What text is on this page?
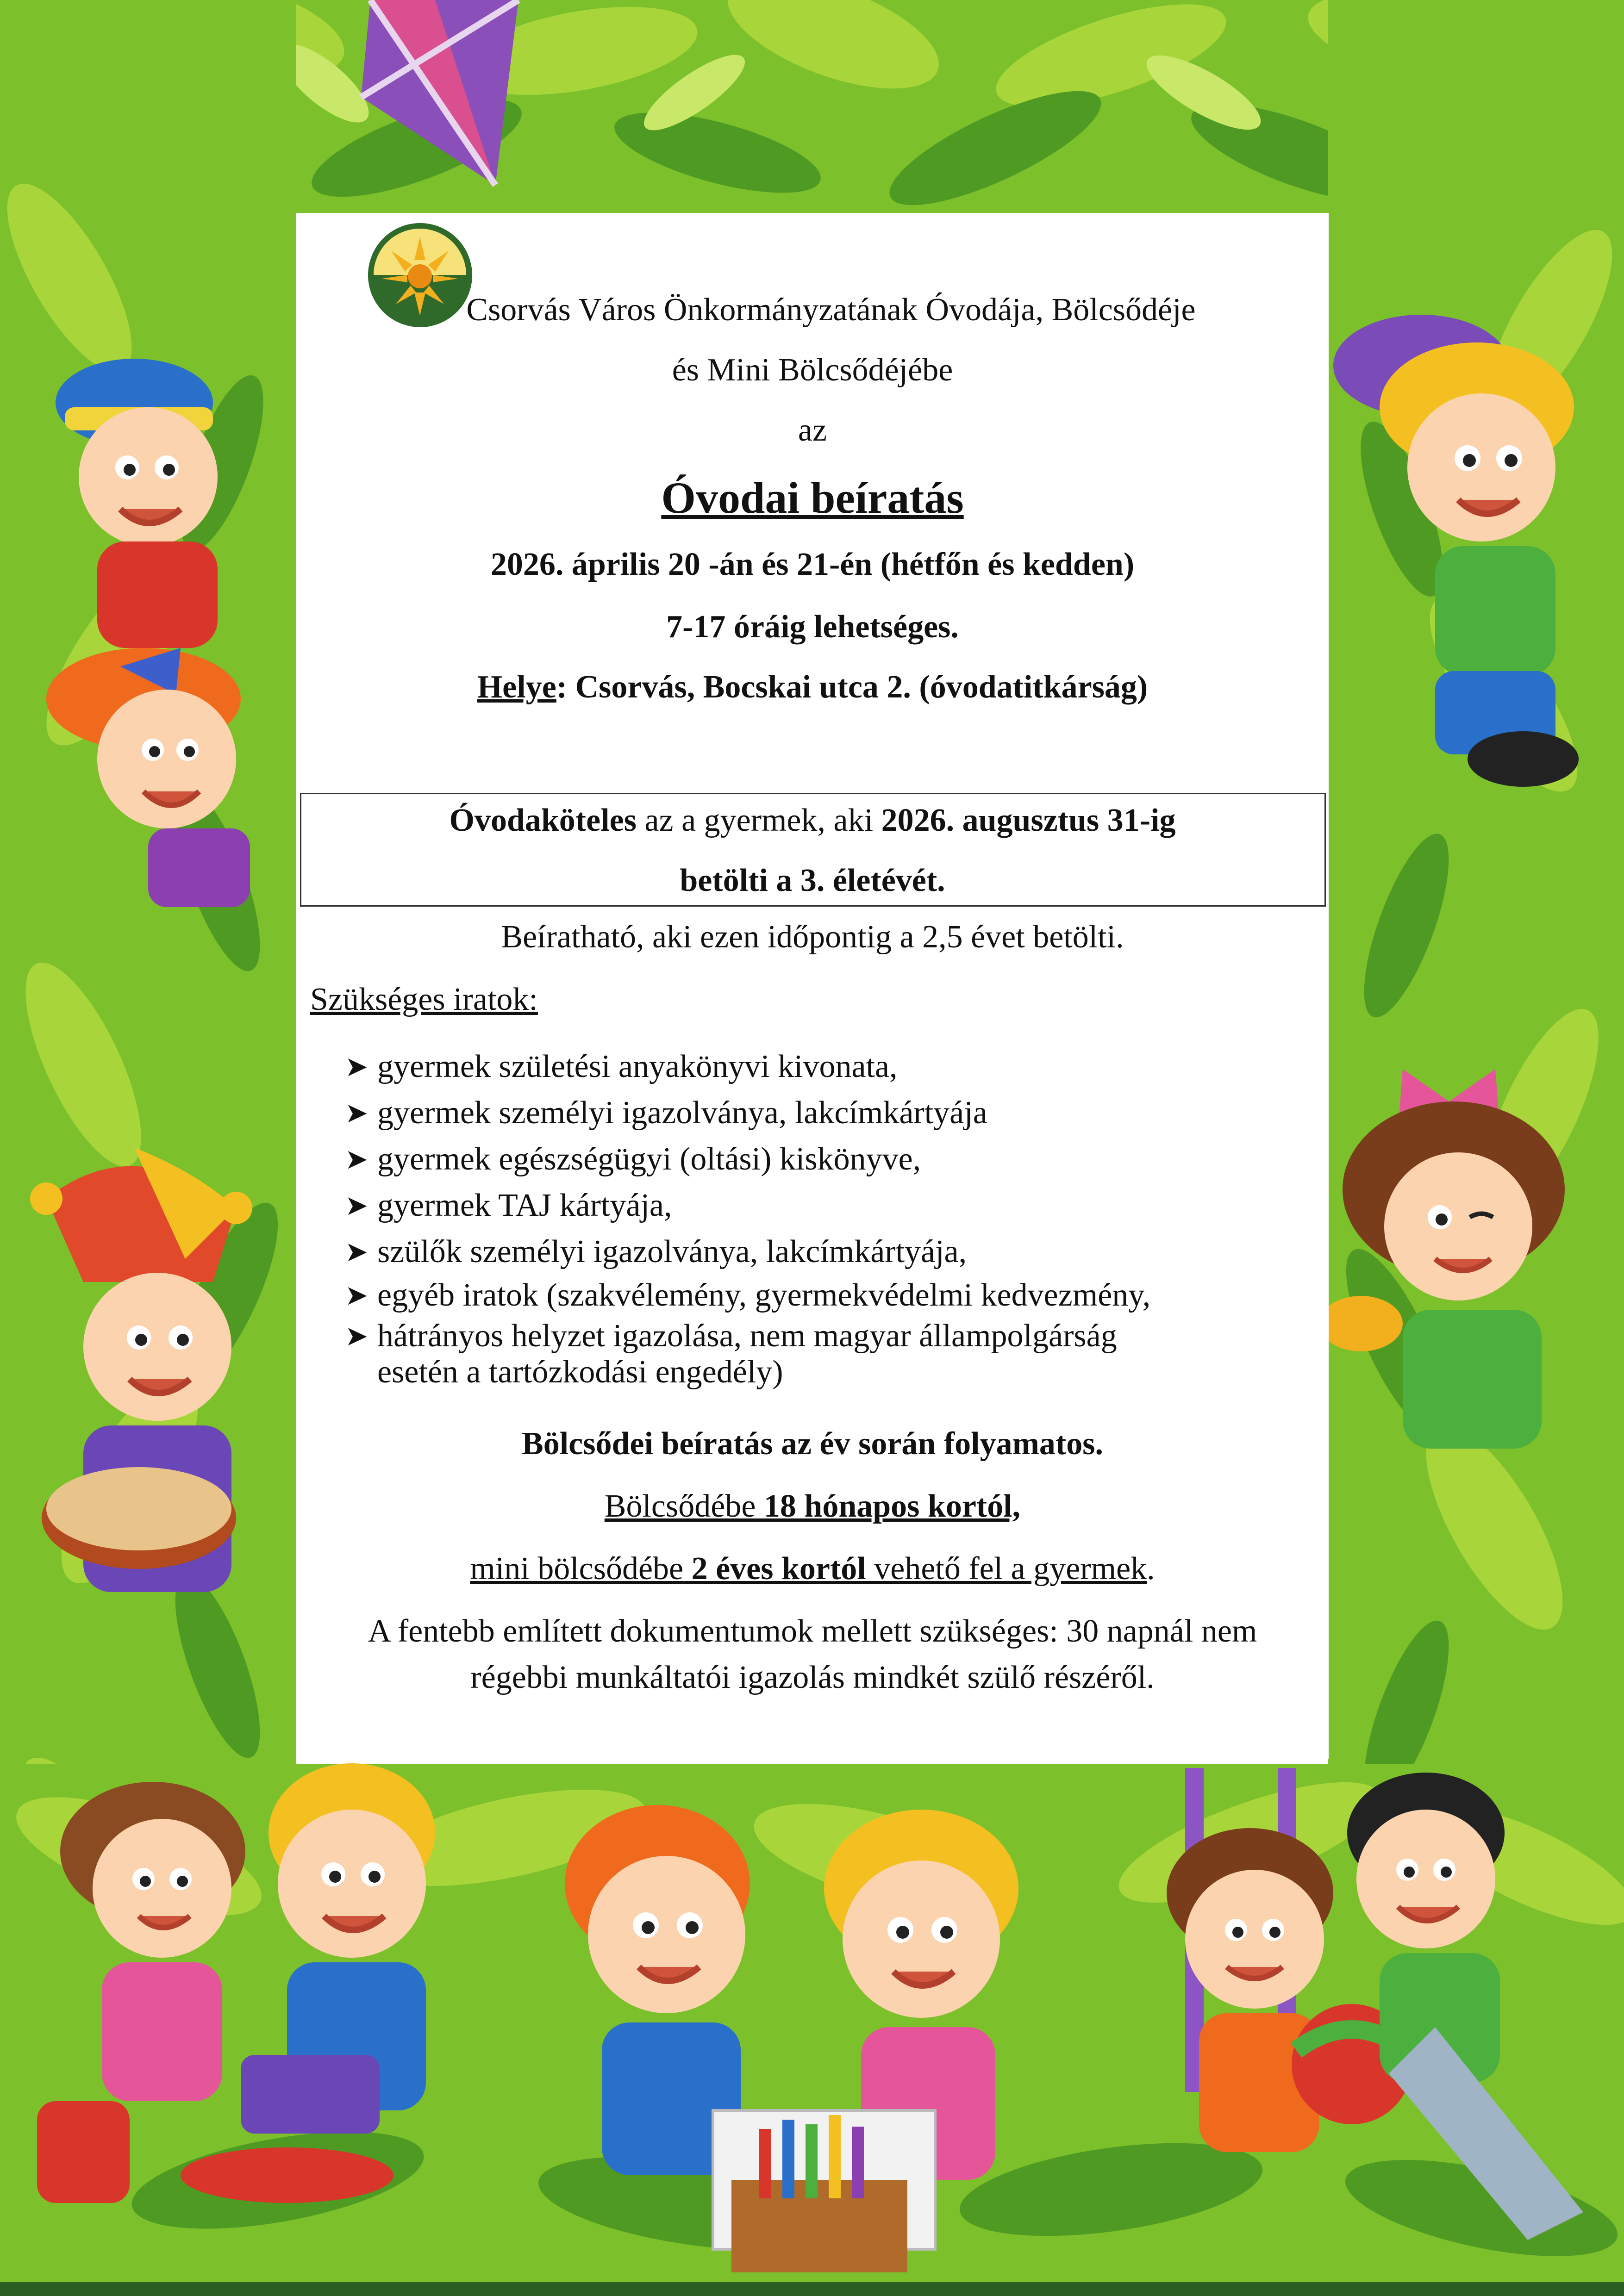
Csorvás Város Önkormányzatának Óvodája, Bölcsődéje
és Mini Bölcsődéjébe
az
Óvodai beíratás
2026. április 20 -án és 21-én (hétfőn és kedden)
7-17 óráig lehetséges.
Helye: Csorvás, Bocskai utca 2. (óvodatitkárság)
Óvodaköteles az a gyermek, aki 2026. augusztus 31-ig
betölti a 3. életévét.
Beíratható, aki ezen időpontig a 2,5 évet betölti.
Szükséges iratok:
➤ gyermek születési anyakönyvi kivonata,
➤ gyermek személyi igazolványa, lakcímkártyája
➤ gyermek egészségügyi (oltási) kiskönyve,
➤ gyermek TAJ kártyája,
➤ szülők személyi igazolványa, lakcímkártyája,
➤ egyéb iratok (szakvélemény, gyermekvédelmi kedvezmény,
➤ hátrányos helyzet igazolása, nem magyar állampolgárság
esetén a tartózkodási engedély)
Bölcsődei beíratás az év során folyamatos.
Bölcsődébe 18 hónapos kortól,
mini bölcsődébe 2 éves kortól vehető fel a gyermek.
A fentebb említett dokumentumok mellett szükséges: 30 napnál nem
régebbi munkáltatói igazolás mindkét szülő részéről.
